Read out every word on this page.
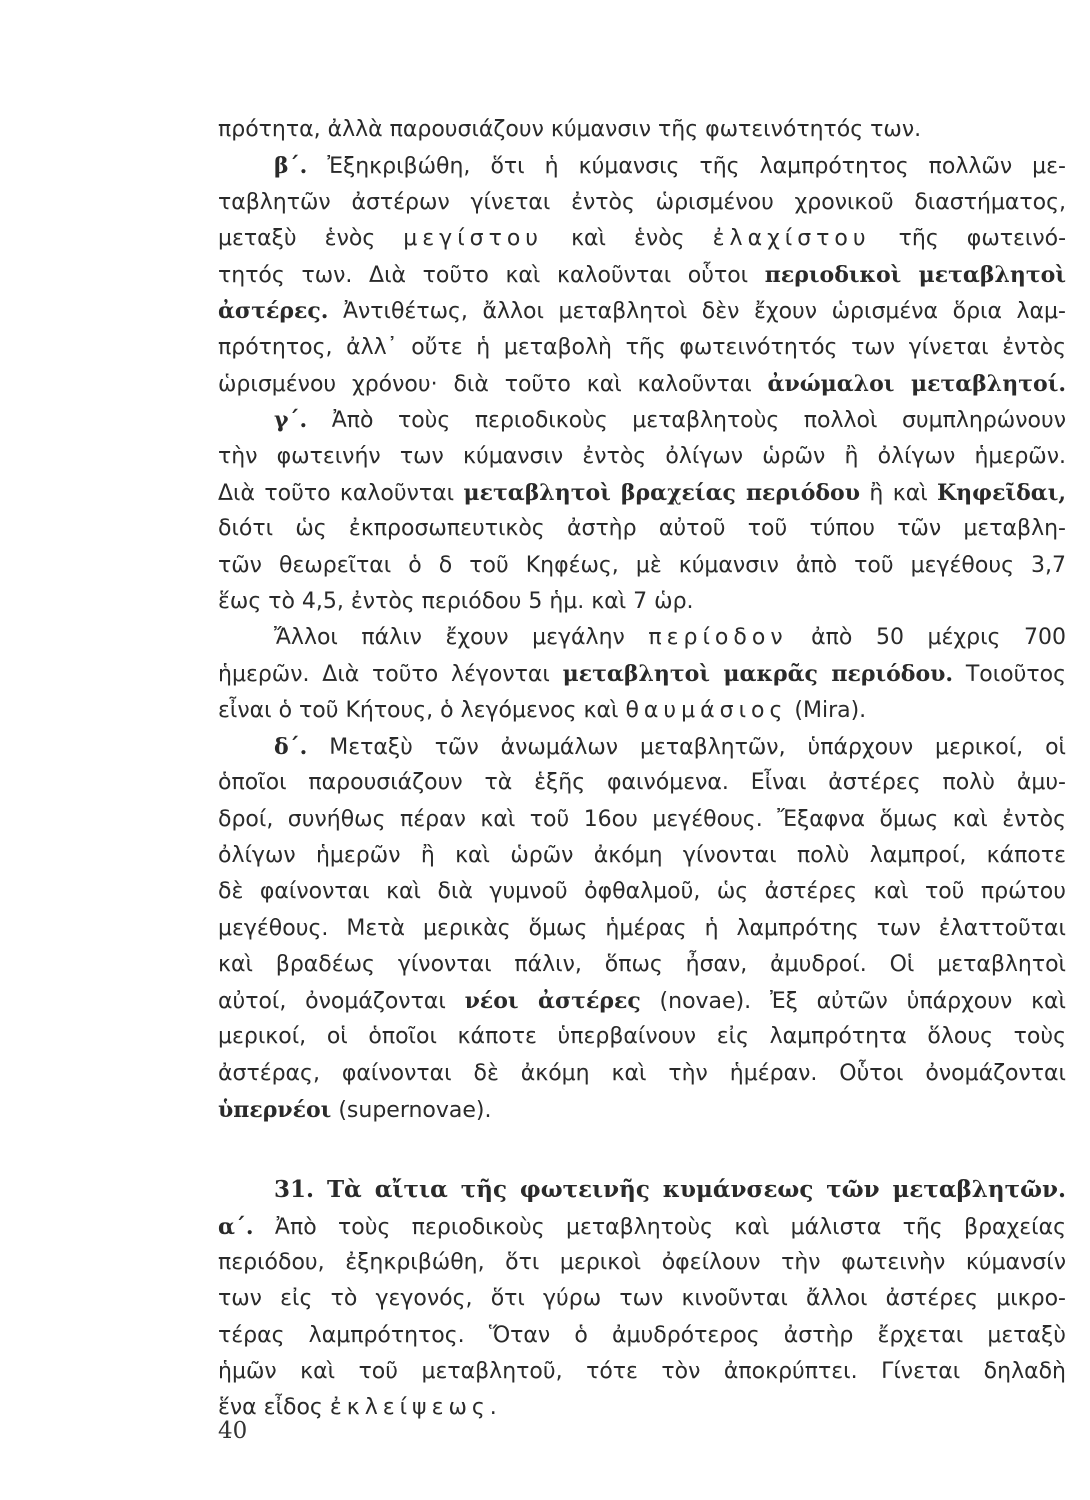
πρότητα, ἀλλὰ παρουσιάζουν κύμανσιν τῆς φωτεινότητός των.
β΄. Ἐξηκριβώθη, ὅτι ἡ κύμανσις τῆς λαμπρότητος πολλῶν με-
ταβλητῶν ἀστέρων γίνεται ἐντὸς ὡρισμένου χρονικοῦ διαστήματος,
μεταξὺ ἑνὸς μεγίστου καὶ ἑνὸς ἐλαχίστου τῆς φωτεινό-
τητός των. Διὰ τοῦτο καὶ καλοῦνται οὗτοι περιοδικοὶ μεταβλητοὶ
ἀστέρες. Ἀντιθέτως, ἄλλοι μεταβλητοὶ δὲν ἔχουν ὡρισμένα ὅρια λαμ-
πρότητος, ἀλλ᾽ οὔτε ἡ μεταβολὴ τῆς φωτεινότητός των γίνεται ἐντὸς
ὡρισμένου χρόνου· διὰ τοῦτο καὶ καλοῦνται ἀνώμαλοι μεταβλητοί.
γ΄. Ἀπὸ τοὺς περιοδικοὺς μεταβλητοὺς πολλοὶ συμπληρώνουν
τὴν φωτεινήν των κύμανσιν ἐντὸς ὀλίγων ὡρῶν ἢ ὀλίγων ἡμερῶν.
Διὰ τοῦτο καλοῦνται μεταβλητοὶ βραχείας περιόδου ἢ καὶ Κηφεῖδαι,
διότι ὡς ἐκπροσωπευτικὸς ἀστὴρ αὐτοῦ τοῦ τύπου τῶν μεταβλη-
τῶν θεωρεῖται ὁ δ τοῦ Κηφέως, μὲ κύμανσιν ἀπὸ τοῦ μεγέθους 3,7
ἕως τὸ 4,5, ἐντὸς περιόδου 5 ἡμ. καὶ 7 ὡρ.
Ἄλλοι πάλιν ἔχουν μεγάλην περίοδον ἀπὸ 50 μέχρις 700
ἡμερῶν. Διὰ τοῦτο λέγονται μεταβλητοὶ μακρᾶς περιόδου. Τοιοῦτος
εἶναι ὁ τοῦ Κήτους, ὁ λεγόμενος καὶ θαυμάσιος (Mira).
δ΄. Μεταξὺ τῶν ἀνωμάλων μεταβλητῶν, ὑπάρχουν μερικοί, οἱ
ὁποῖοι παρουσιάζουν τὰ ἑξῆς φαινόμενα. Εἶναι ἀστέρες πολὺ ἀμυ-
δροί, συνήθως πέραν καὶ τοῦ 16ου μεγέθους. Ἔξαφνα ὅμως καὶ ἐντὸς
ὀλίγων ἡμερῶν ἢ καὶ ὡρῶν ἀκόμη γίνονται πολὺ λαμπροί, κάποτε
δὲ φαίνονται καὶ διὰ γυμνοῦ ὀφθαλμοῦ, ὡς ἀστέρες καὶ τοῦ πρώτου
μεγέθους. Μετὰ μερικὰς ὅμως ἡμέρας ἡ λαμπρότης των ἐλαττοῦται
καὶ βραδέως γίνονται πάλιν, ὅπως ἦσαν, ἀμυδροί. Οἱ μεταβλητοὶ
αὐτοί, ὀνομάζονται νέοι ἀστέρες (novae). Ἐξ αὐτῶν ὑπάρχουν καὶ
μερικοί, οἱ ὁποῖοι κάποτε ὑπερβαίνουν εἰς λαμπρότητα ὅλους τοὺς
ἀστέρας, φαίνονται δὲ ἀκόμη καὶ τὴν ἡμέραν. Οὗτοι ὀνομάζονται
ὑπερνέοι (supernovae).
31. Τὰ αἴτια τῆς φωτεινῆς κυμάνσεως τῶν μεταβλητῶν.
α΄. Ἀπὸ τοὺς περιοδικοὺς μεταβλητοὺς καὶ μάλιστα τῆς βραχείας
περιόδου, ἐξηκριβώθη, ὅτι μερικοὶ ὀφείλουν τὴν φωτεινὴν κύμανσίν
των εἰς τὸ γεγονός, ὅτι γύρω των κινοῦνται ἄλλοι ἀστέρες μικρο-
τέρας λαμπρότητος. Ὅταν ὁ ἀμυδρότερος ἀστὴρ ἔρχεται μεταξὺ
ἡμῶν καὶ τοῦ μεταβλητοῦ, τότε τὸν ἀποκρύπτει. Γίνεται δηλαδὴ
ἕνα εἶδος ἐκλείψεως.
40
